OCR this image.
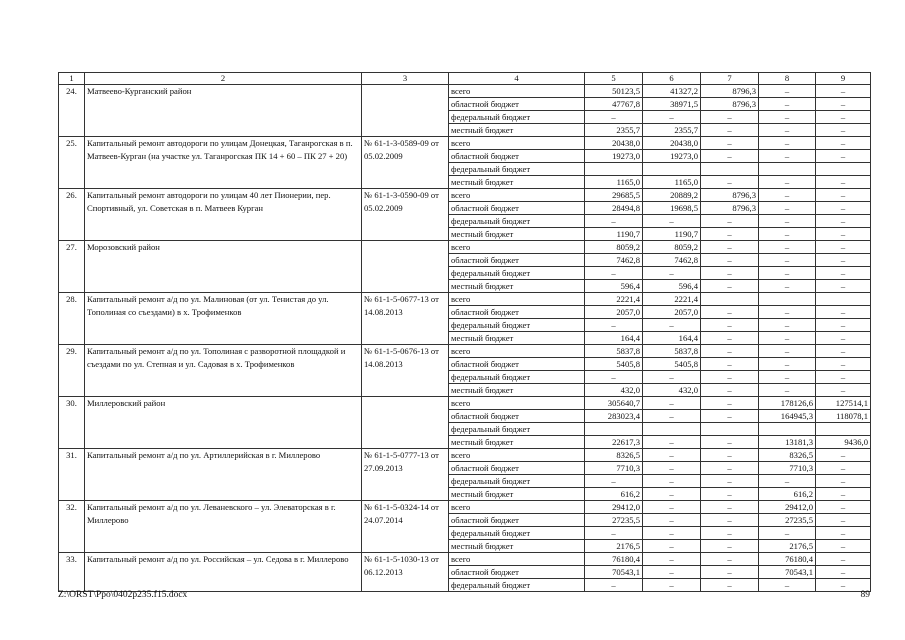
1	2	3	4	5	6	7	8	9
24.	Матвеево-Курганский район		всего	50123,5	41327,2	8796,3	–	–
			областной бюджет	47767,8	38971,5	8796,3	–	–
			федеральный бюджет	–	–	–	–	–
			местный бюджет	2355,7	2355,7	–	–	–
25.	Капитальный ремонт автодороги по улицам Донецкая, Таганрогская в п. Матвеев-Курган (на участке ул. Таганрогская ПК 14 + 60 – ПК 27 + 20)	№ 61-1-3-0589-09 от 05.02.2009	всего	20438,0	20438,0	–	–	–
			областной бюджет	19273,0	19273,0	–	–	–
			федеральный бюджет					
			местный бюджет	1165,0	1165,0	–	–	–
26.	Капитальный ремонт автодороги по улицам 40 лет Пионерии, пер. Спортивный, ул. Советская в п. Матвеев Курган	№ 61-1-3-0590-09 от 05.02.2009	всего	29685,5	20889,2	8796,3	–	–
			областной бюджет	28494,8	19698,5	8796,3	–	–
			федеральный бюджет	–	–	–	–	–
			местный бюджет	1190,7	1190,7	–	–	–
27.	Морозовский район		всего	8059,2	8059,2	–	–	–
			областной бюджет	7462,8	7462,8	–	–	–
			федеральный бюджет	–	–	–	–	–
			местный бюджет	596,4	596,4	–	–	–
28.	Капитальный ремонт а/д по ул. Малиновая (от ул. Тенистая до ул. Тополиная со съездами) в х. Трофименков	№ 61-1-5-0677-13 от 14.08.2013	всего	2221,4	2221,4			
			областной бюджет	2057,0	2057,0	–	–	–
			федеральный бюджет	–	–	–	–	–
			местный бюджет	164,4	164,4	–	–	–
29.	Капитальный ремонт а/д по ул. Тополиная с разворотной площадкой и съездами по ул. Степная и ул. Садовая в х. Трофименков	№ 61-1-5-0676-13 от 14.08.2013	всего	5837,8	5837,8	–	–	–
			областной бюджет	5405,8	5405,8	–	–	–
			федеральный бюджет	–	–	–	–	–
			местный бюджет	432,0	432,0	–	–	–
30.	Миллеровский район		всего	305640,7	–	–	178126,6	127514,1
			областной бюджет	283023,4	–	–	164945,3	118078,1
			федеральный бюджет					
			местный бюджет	22617,3	–	–	13181,3	9436,0
31.	Капитальный ремонт а/д по ул. Артиллерийская в г. Миллерово	№ 61-1-5-0777-13 от 27.09.2013	всего	8326,5	–	–	8326,5	–
			областной бюджет	7710,3	–	–	7710,3	–
			федеральный бюджет	–	–	–	–	–
			местный бюджет	616,2	–	–	616,2	–
32.	Капитальный ремонт а/д по ул. Леваневского – ул. Элеваторская в г. Миллерово	№ 61-1-5-0324-14 от 24.07.2014	всего	29412,0	–	–	29412,0	–
			областной бюджет	27235,5	–	–	27235,5	–
			федеральный бюджет	–	–	–	–	–
			местный бюджет	2176,5	–	–	2176,5	–
33.	Капитальный ремонт а/д по ул. Российская – ул. Седова в г. Миллерово	№ 61-1-5-1030-13 от 06.12.2013	всего	76180,4	–	–	76180,4	–
			областной бюджет	70543,1	–	–	70543,1	–
			федеральный бюджет	–	–	–	–	–
Z:\ORST\Ppo\0402p235.f15.docx	89
